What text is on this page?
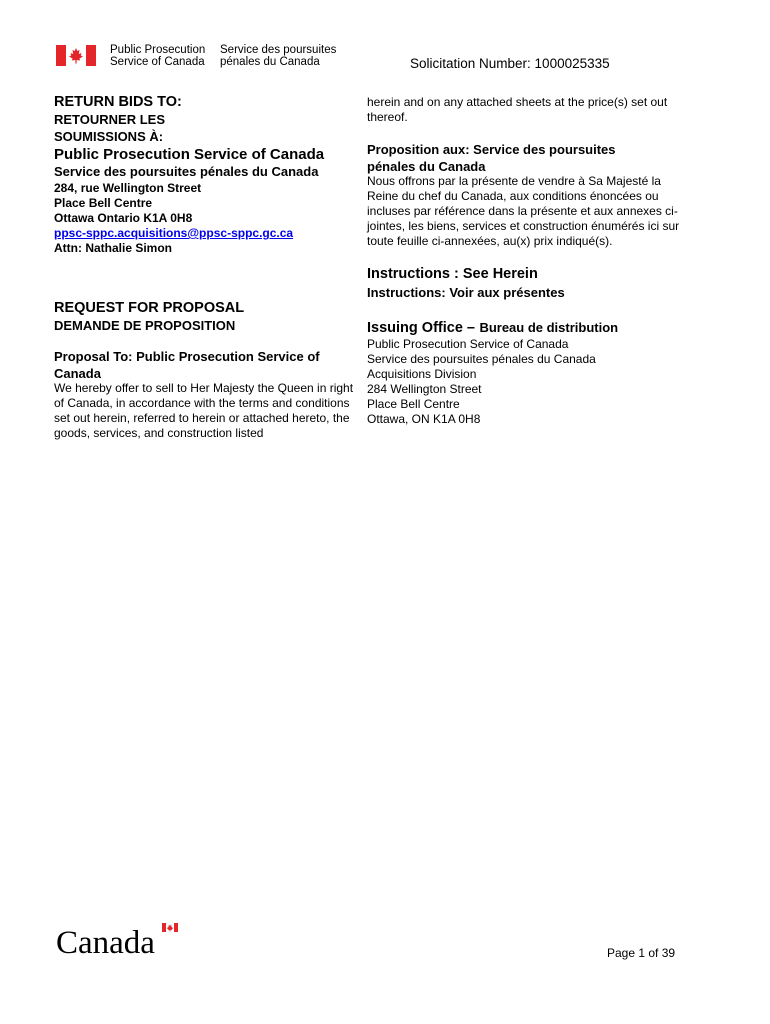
Public Prosecution
Service of Canada
Service des poursuites
pénales du Canada	Solicitation Number: 1000025335
RETURN BIDS TO:
RETOURNER LES SOUMISSIONS À:
Public Prosecution Service of Canada
Service des poursuites pénales du Canada
284, rue Wellington Street
Place Bell Centre
Ottawa Ontario K1A 0H8
ppsc-sppc.acquisitions@ppsc-sppc.gc.ca
Attn: Nathalie Simon
REQUEST FOR PROPOSAL
DEMANDE DE PROPOSITION
Proposal To: Public Prosecution Service of Canada
We hereby offer to sell to Her Majesty the Queen in right of Canada, in accordance with the terms and conditions set out herein, referred to herein or attached hereto, the goods, services, and construction listed
herein and on any attached sheets at the price(s) set out thereof.
Proposition aux: Service des poursuites pénales du Canada
Nous offrons par la présente de vendre à Sa Majesté la Reine du chef du Canada, aux conditions énoncées ou incluses par référence dans la présente et aux annexes ci-jointes, les biens, services et construction énumérés ici sur toute feuille ci-annexées, au(x) prix indiqué(s).
Instructions : See Herein
Instructions: Voir aux présentes
Issuing Office – Bureau de distribution
Public Prosecution Service of Canada
Service des poursuites pénales du Canada
Acquisitions Division
284 Wellington Street
Place Bell Centre
Ottawa, ON K1A 0H8
Canada	Page 1 of 39
